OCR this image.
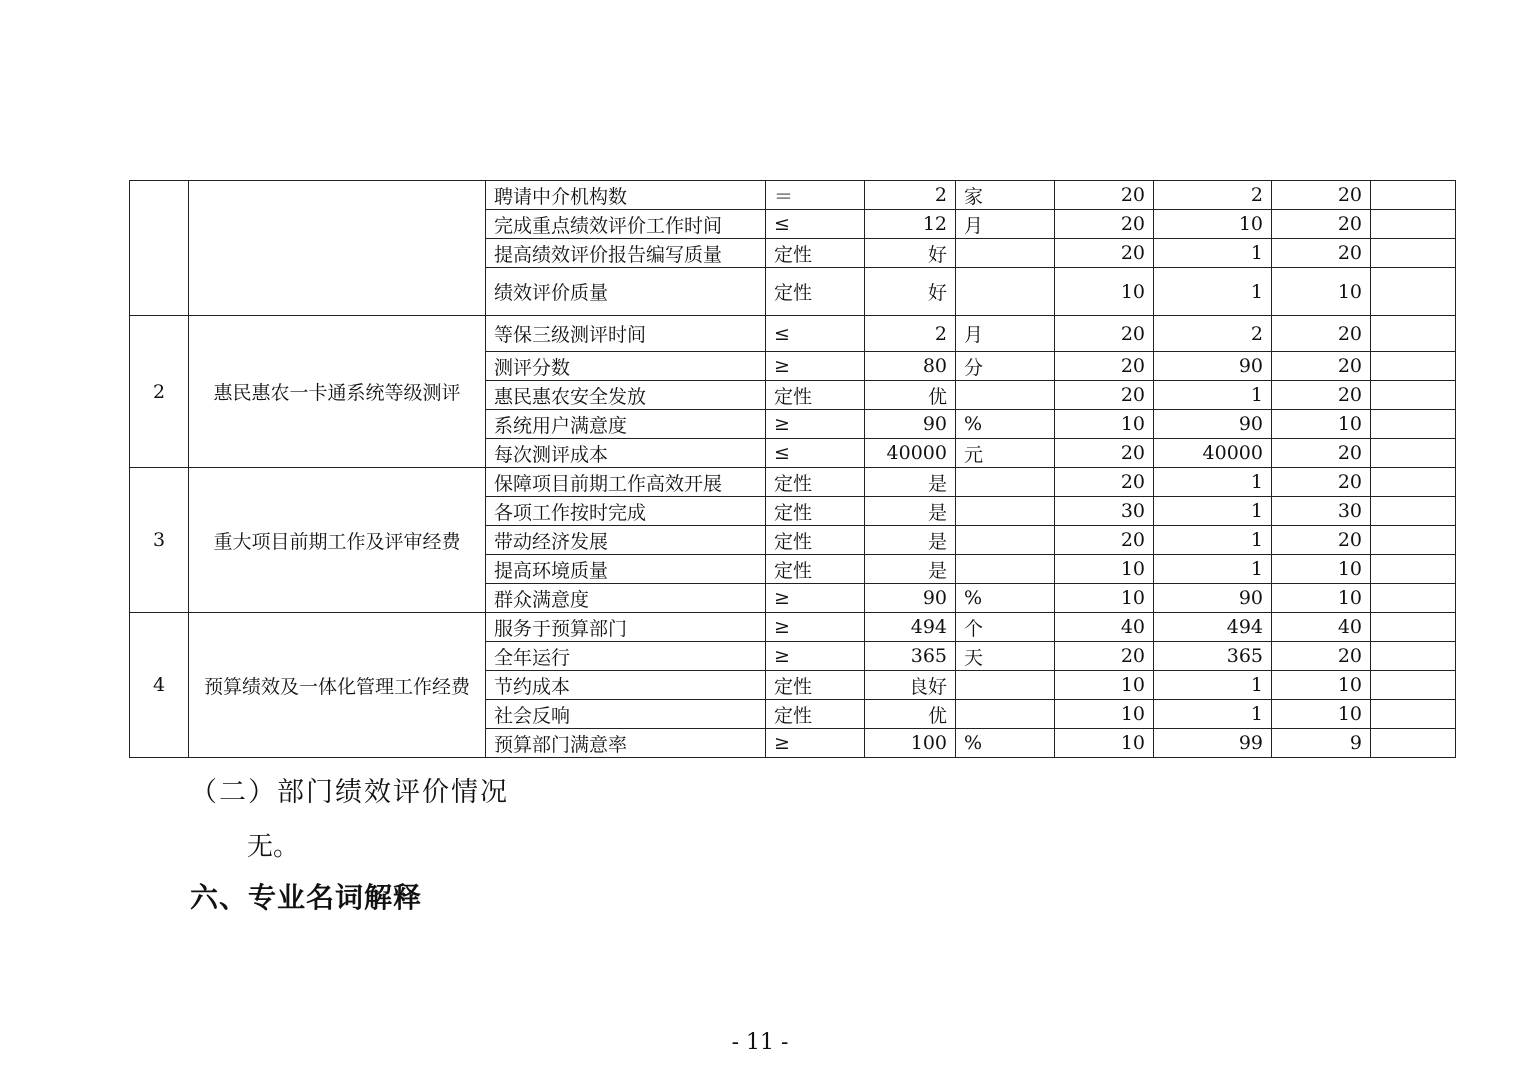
		聘请中介机构数	＝	2	家	20	2	20	
		完成重点绩效评价工作时间	≤	12	月	20	10	20	
		提高绩效评价报告编写质量	定性	好		20	1	20	
		绩效评价质量	定性	好		10	1	10	
2	惠民惠农一卡通系统等级测评	等保三级测评时间	≤	2	月	20	2	20	
		测评分数	≥	80	分	20	90	20	
		惠民惠农安全发放	定性	优		20	1	20	
		系统用户满意度	≥	90	%	10	90	10	
		每次测评成本	≤	40000	元	20	40000	20	
3	重大项目前期工作及评审经费	保障项目前期工作高效开展	定性	是		20	1	20	
		各项工作按时完成	定性	是		30	1	30	
		带动经济发展	定性	是		20	1	20	
		提高环境质量	定性	是		10	1	10	
		群众满意度	≥	90	%	10	90	10	
4	预算绩效及一体化管理工作经费	服务于预算部门	≥	494	个	40	494	40	
		全年运行	≥	365	天	20	365	20	
		节约成本	定性	良好		10	1	10	
		社会反响	定性	优		10	1	10	
		预算部门满意率	≥	100	%	10	99	9	
（二）部门绩效评价情况
无。
六、专业名词解释
- 11 -
